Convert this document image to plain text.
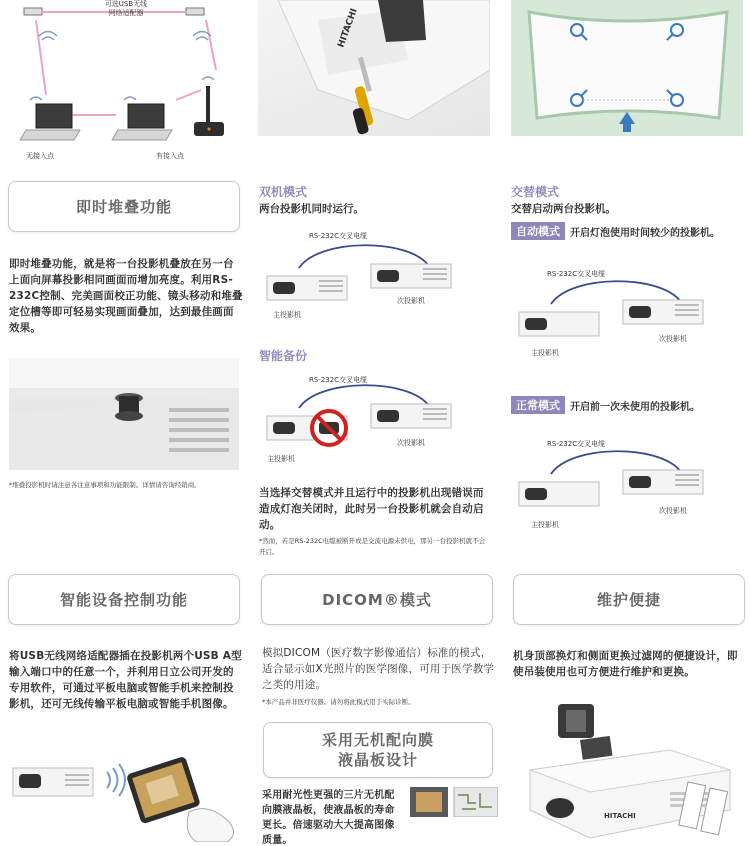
可选USB无线
网络适配器
无接入点	有接入点
HITACHI
即时堆叠功能
即时堆叠功能，就是将一台投影机叠放在另一台上面向屏幕投影相同画面而增加亮度。利用RS-232C控制、完美画面校正功能、镜头移动和堆叠定位槽等即可轻易实现画面叠加，达到最佳画面效果。
*堆叠投影机时请注意各注意事项和功能限制。详情请咨询经销商。
双机模式
两台投影机同时运行。
RS-232C交叉电缆
主投影机
次投影机
智能备份
RS-232C交叉电缆
主投影机
次投影机
当选择交替模式并且运行中的投影机出现错误而造成灯泡关闭时，此时另一台投影机就会自动启动。
*然而，若是RS-232C电缆被断开或是交流电源未供电，那另一台投影机就不会开启。
交替模式
交替启动两台投影机。
自动模式	开启灯泡使用时间较少的投影机。
RS-232C交叉电缆
主投影机
次投影机
正常模式	开启前一次未使用的投影机。
RS-232C交叉电缆
主投影机
次投影机
智能设备控制功能
将USB无线网络适配器插在投影机两个USB A型输入端口中的任意一个，并利用日立公司开发的专用软件，可通过平板电脑或智能手机来控制投影机，还可无线传输平板电脑或智能手机图像。
DICOM®模式
模拟DICOM（医疗数字影像通信）标准的模式，适合显示如X光照片的医学图像，可用于医学教学之类的用途。
*本产品并非医疗仪器。请勿将此模式用于实际诊断。
采用无机配向膜
液晶板设计
采用耐光性更强的三片无机配向膜液晶板，使液晶板的寿命更长。倍速驱动大大提高图像质量。
维护便捷
机身顶部换灯和侧面更换过滤网的便捷设计，即使吊装使用也可方便进行维护和更换。
HITACHI
